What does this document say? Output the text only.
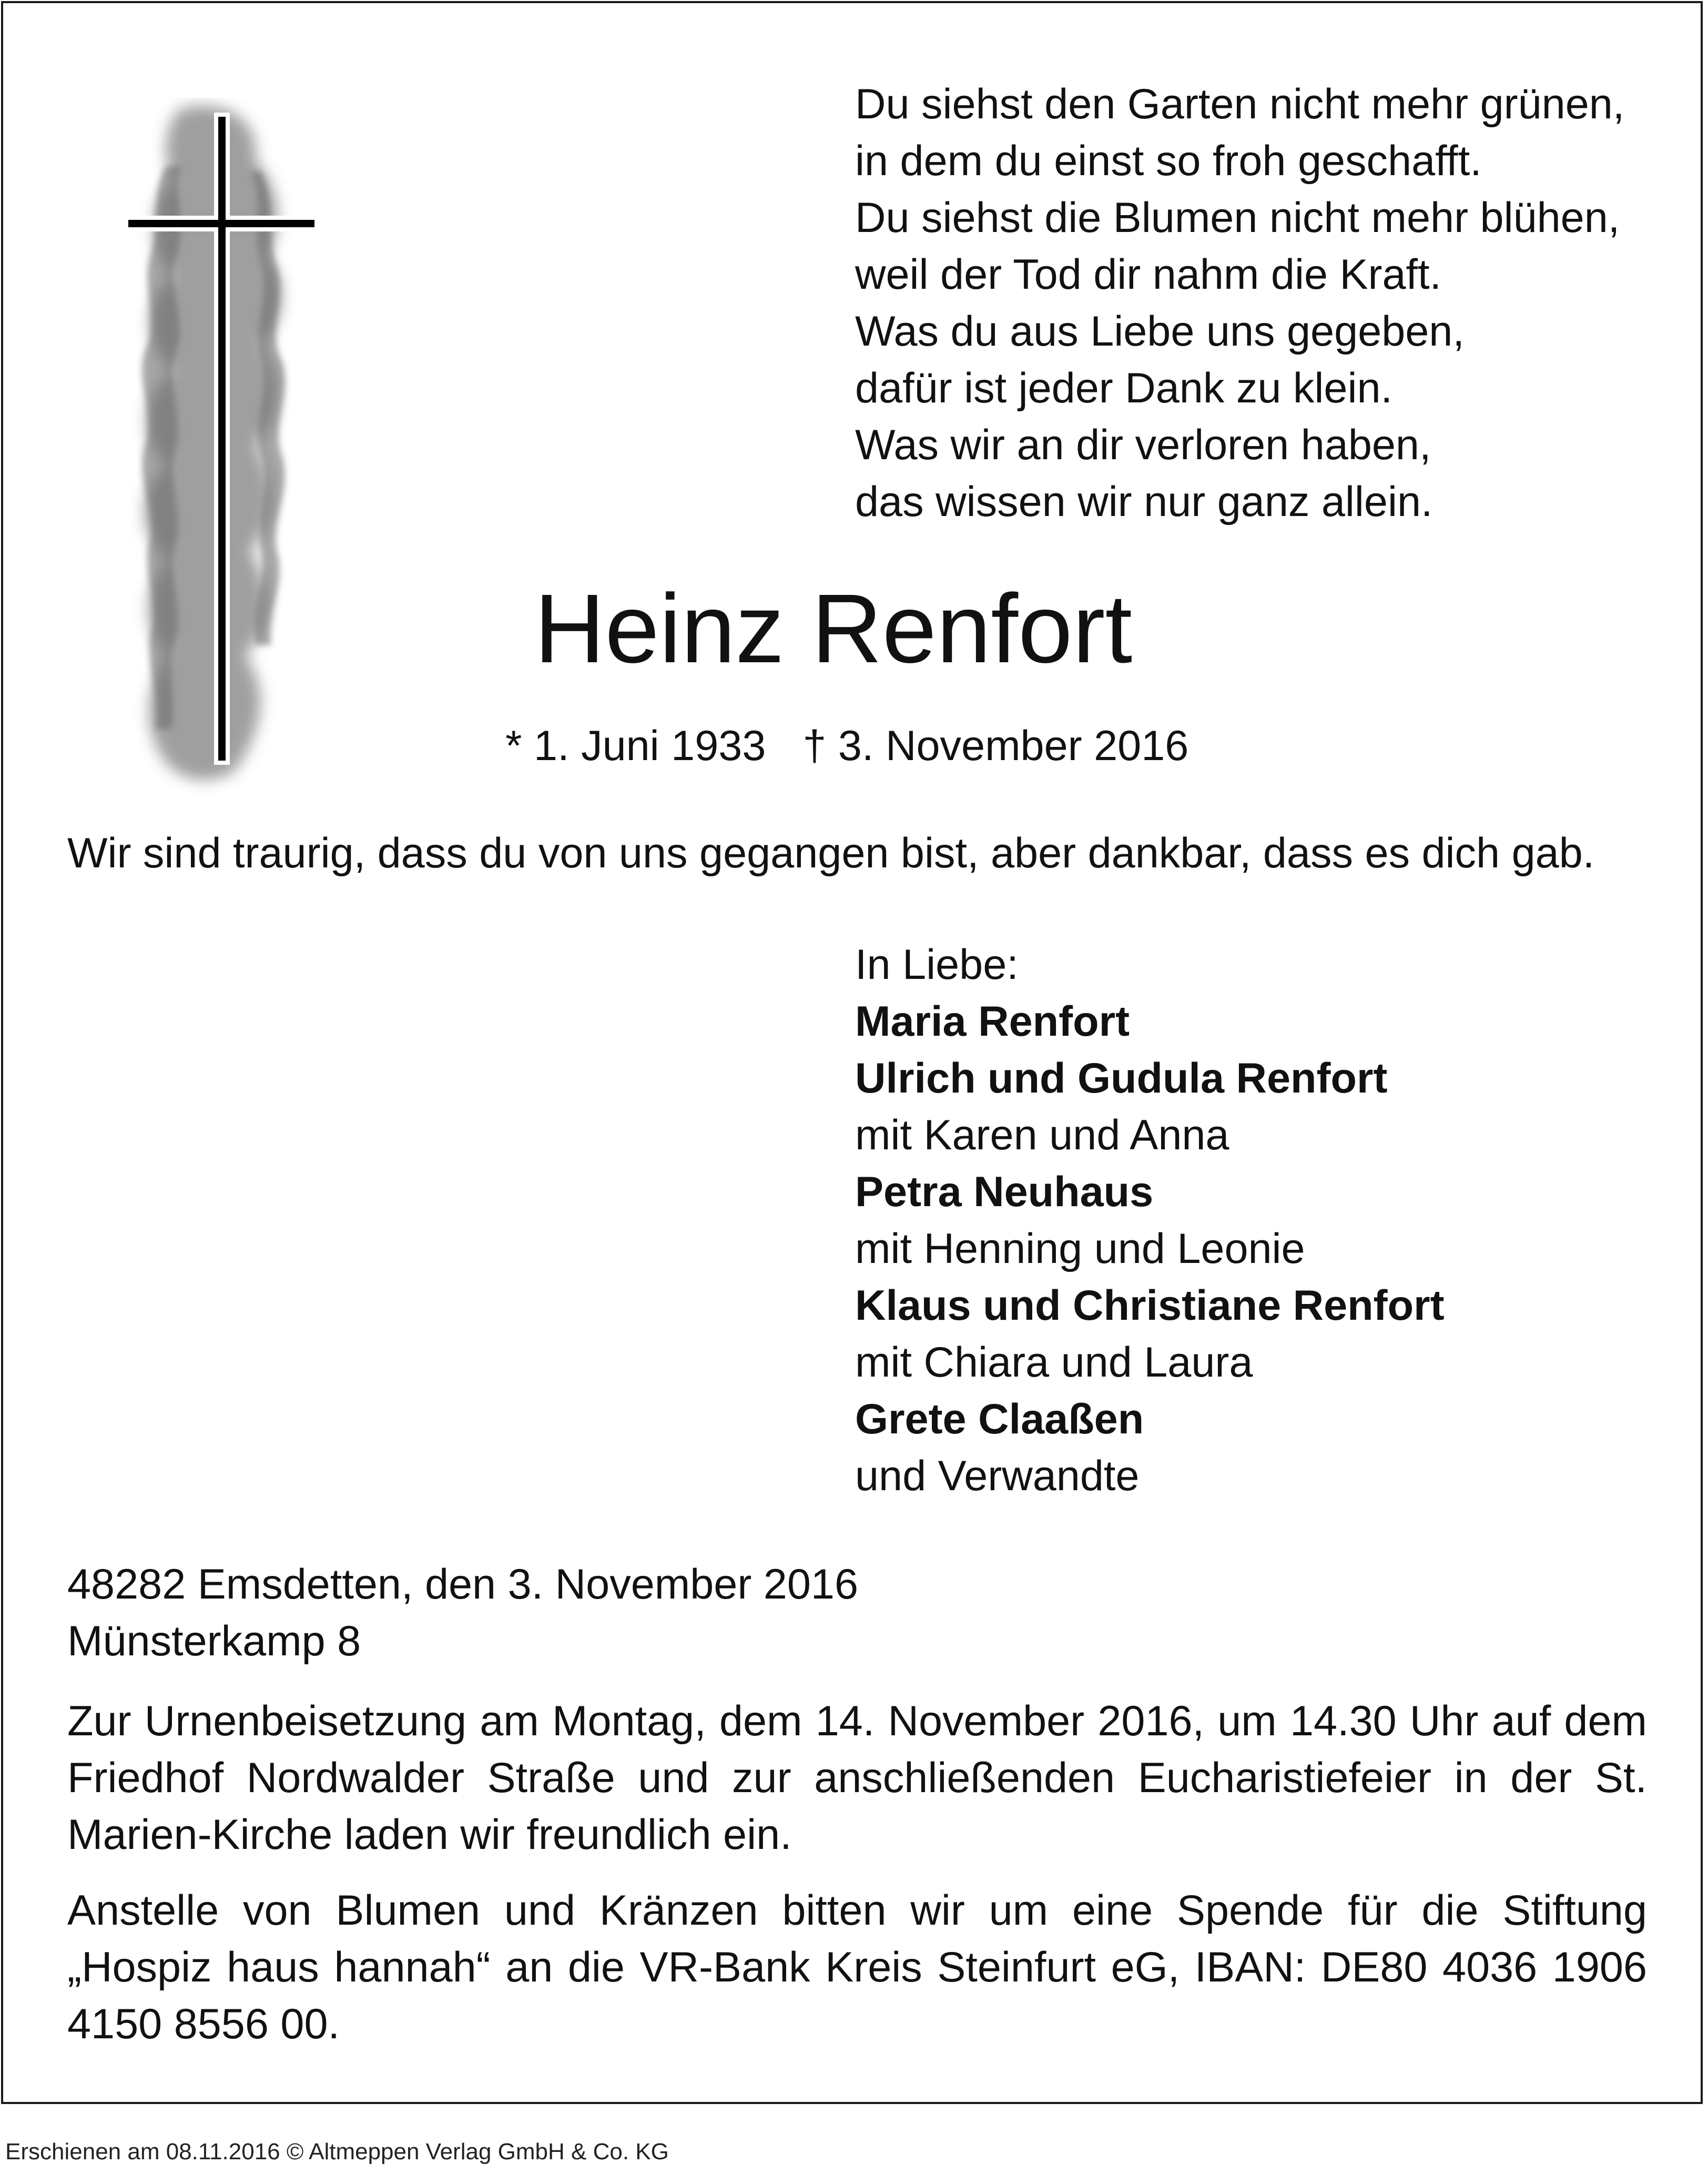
Du siehst den Garten nicht mehr grünen,
in dem du einst so froh geschafft.
Du siehst die Blumen nicht mehr blühen,
weil der Tod dir nahm die Kraft.
Was du aus Liebe uns gegeben,
dafür ist jeder Dank zu klein.
Was wir an dir verloren haben,
das wissen wir nur ganz allein.
Heinz Renfort
* 1. Juni 1933 † 3. November 2016
Wir sind traurig, dass du von uns gegangen bist, aber dankbar, dass es dich gab.
In Liebe:
Maria Renfort
Ulrich und Gudula Renfort
mit Karen und Anna
Petra Neuhaus
mit Henning und Leonie
Klaus und Christiane Renfort
mit Chiara und Laura
Grete Claaßen
und Verwandte
48282 Emsdetten, den 3. November 2016
Münsterkamp 8
Zur Urnenbeisetzung am Montag, dem 14. November 2016, um 14.30 Uhr auf dem Friedhof Nordwalder Straße und zur anschließenden Eucharistiefeier in der St. Marien-Kirche laden wir freundlich ein.
Anstelle von Blumen und Kränzen bitten wir um eine Spende für die Stiftung „Hospiz haus hannah“ an die VR-Bank Kreis Steinfurt eG, IBAN: DE80 4036 1906 4150 8556 00.
Erschienen am 08.11.2016 © Altmeppen Verlag GmbH & Co. KG
